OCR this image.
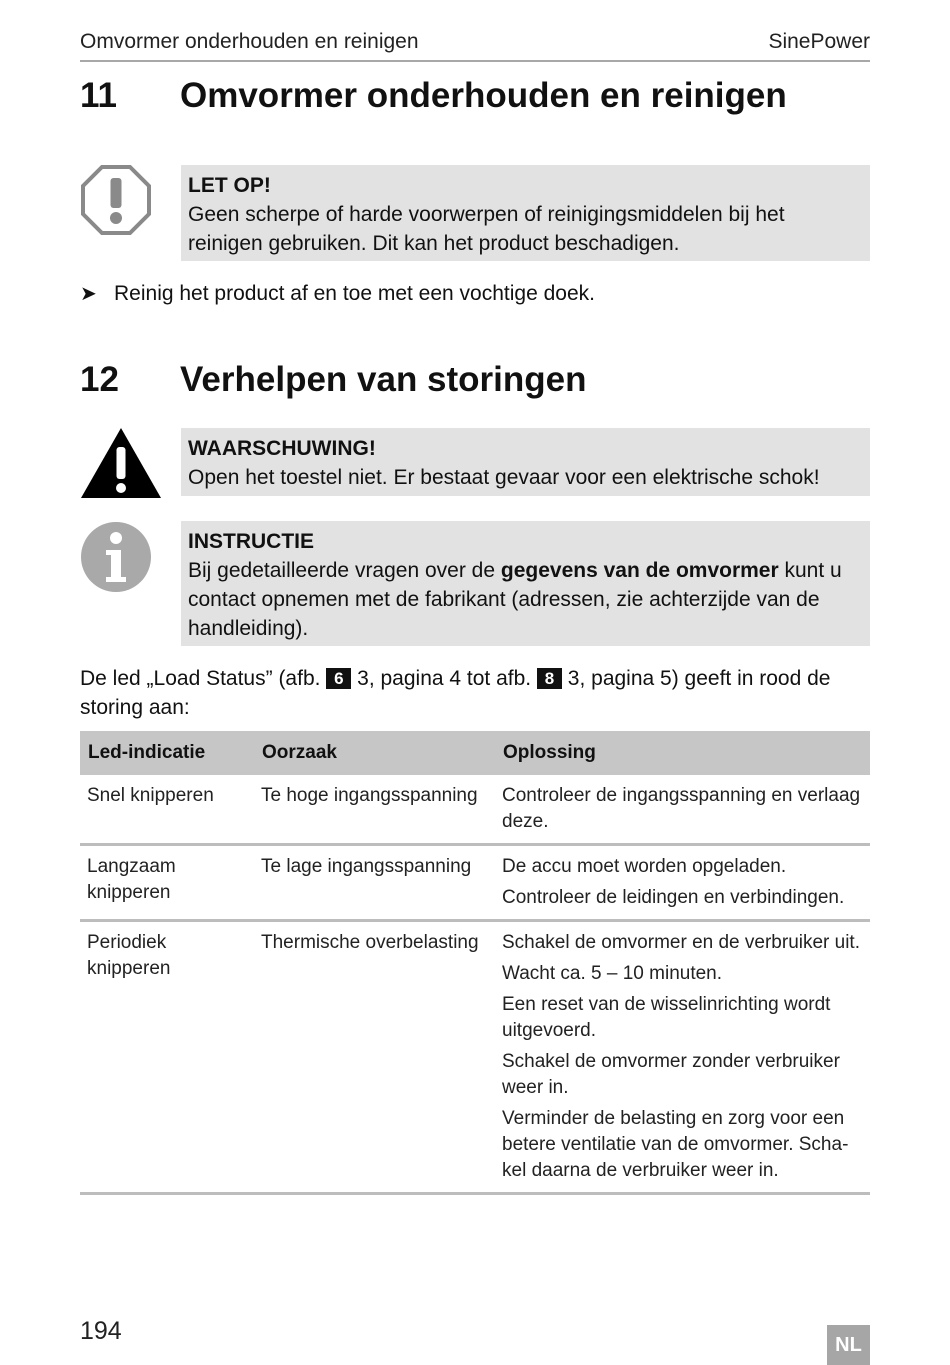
Omvormer onderhouden en reinigen	SinePower
11 Omvormer onderhouden en reinigen
LET OP!
Geen scherpe of harde voorwerpen of reinigingsmiddelen bij het reinigen gebruiken. Dit kan het product beschadigen.
➤ Reinig het product af en toe met een vochtige doek.
12 Verhelpen van storingen
WAARSCHUWING!
Open het toestel niet. Er bestaat gevaar voor een elektrische schok!
INSTRUCTIE
Bij gedetailleerde vragen over de gegevens van de omvormer kunt u contact opnemen met de fabrikant (adressen, zie achterzijde van de handleiding).
De led „Load Status” (afb. 6 3, pagina 4 tot afb. 8 3, pagina 5) geeft in rood de storing aan:
Led-indicatie	Oorzaak	Oplossing
Snel knipperen	Te hoge ingangsspanning	Controleer de ingangsspanning en verlaag deze.

Langzaam knipperen	Te lage ingangsspanning	De accu moet worden opgeladen.

Controleer de leidingen en verbindingen.

Periodiek knipperen	Thermische overbelasting	Schakel de omvormer en de verbruiker uit.

Wacht ca. 5 – 10 minuten.

Een reset van de wisselinrichting wordt uitgevoerd.

Schakel de omvormer zonder verbruiker weer in.

Verminder de belasting en zorg voor een betere ventilatie van de omvormer. Schakel daarna de verbruiker weer in.

194	NL
